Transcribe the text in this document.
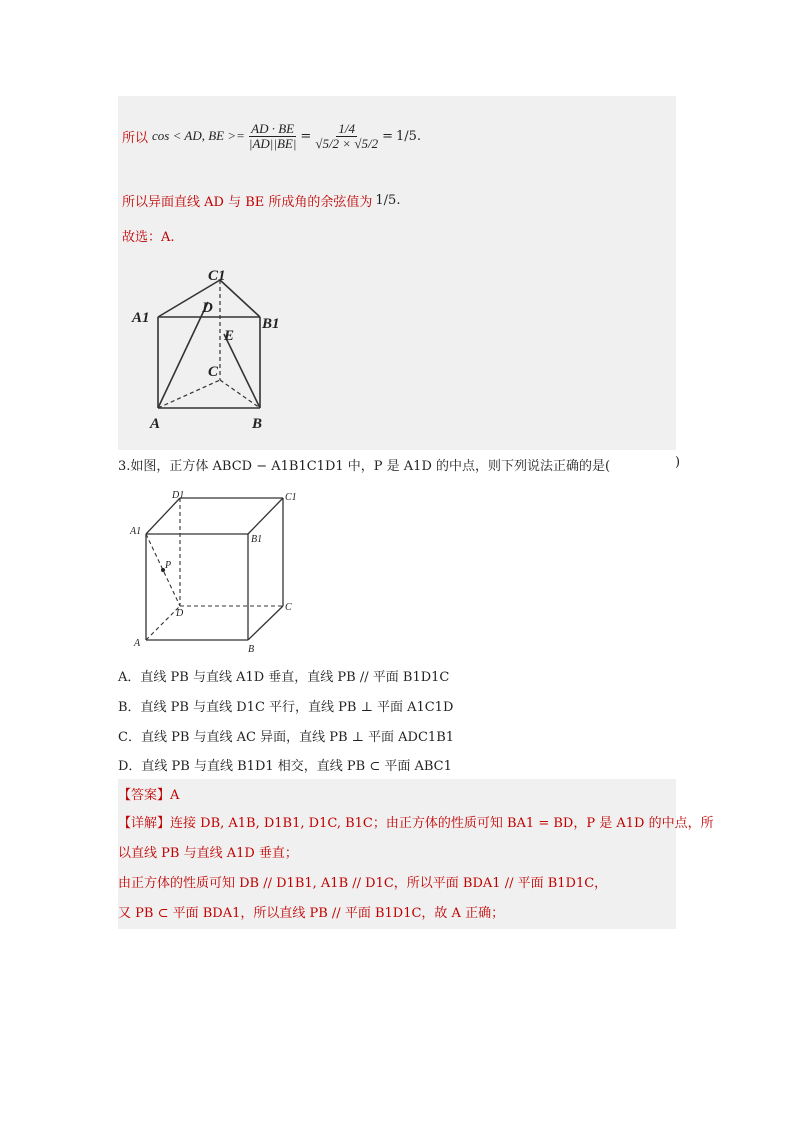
所以 cos < AD, BE >= $\frac{AD \cdot BE}{|AD||BE|} = \frac{1/4}{√5/2 \times √5/2} = 1/5$ .
所以异面直线 AD 与 BE 所成角的余弦值为 1/5 .
故选：A.
C1
D
A1	B1
E
C
A	B
3.如图，正方体 ABCD − A1B1C1D1 中，P 是 A1D 的中点，则下列说法正确的是(	)
D1	C1
A1
B1
P
D
C
A
B
A．直线 PB 与直线 A1D 垂直，直线 PB // 平面 B1D1C
B．直线 PB 与直线 D1C 平行，直线 PB ⊥ 平面 A1C1D
C．直线 PB 与直线 AC 异面，直线 PB ⊥ 平面 ADC1B1
D．直线 PB 与直线 B1D1 相交，直线 PB ⊂ 平面 ABC1
【答案】A
【详解】连接 DB, A1B, D1B1, D1C, B1C；由正方体的性质可知 BA1 = BD，P 是 A1D 的中点，所
以直线 PB 与直线 A1D 垂直；
由正方体的性质可知 DB // D1B1, A1B // D1C，所以平面 BDA1 // 平面 B1D1C，
又 PB ⊂ 平面 BDA1，所以直线 PB // 平面 B1D1C，故 A 正确；
